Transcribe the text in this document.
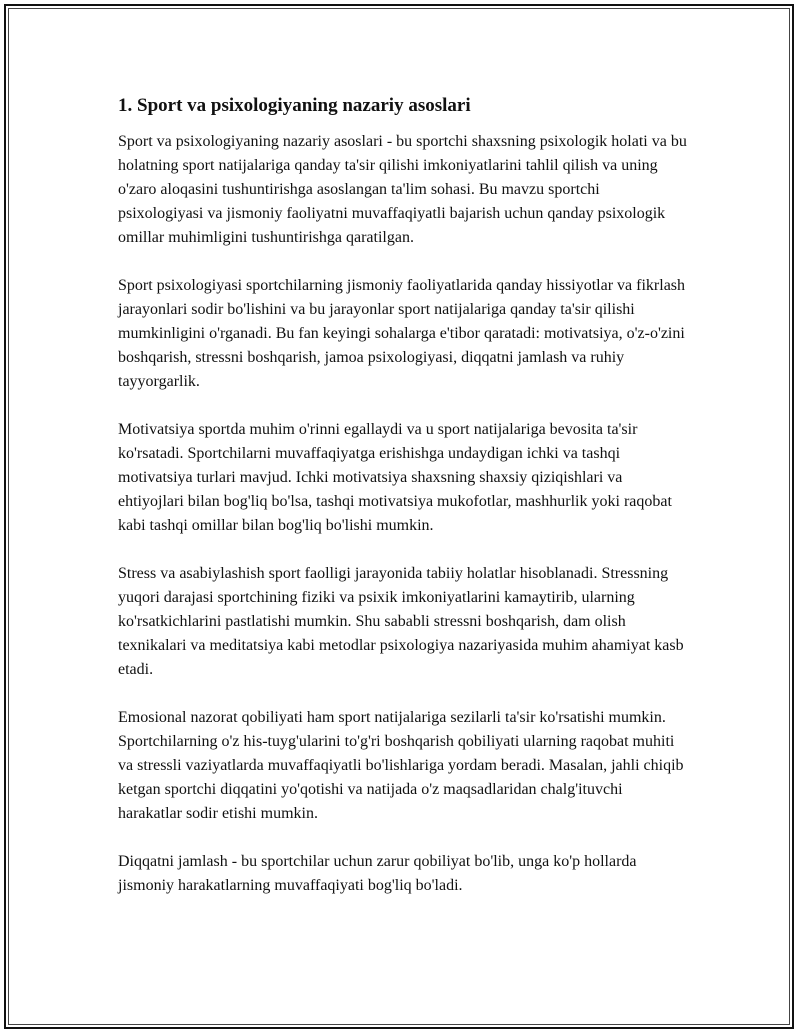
1. Sport va psixologiyaning nazariy asoslari

Sport va psixologiyaning nazariy asoslari - bu sportchi shaxsning psixologik holati va bu holatning sport natijalariga qanday ta'sir qilishi imkoniyatlarini tahlil qilish va uning o'zaro aloqasini tushuntirishga asoslangan ta'lim sohasi. Bu mavzu sportchi psixologiyasi va jismoniy faoliyatni muvaffaqiyatli bajarish uchun qanday psixologik omillar muhimligini tushuntirishga qaratilgan.

Sport psixologiyasi sportchilarning jismoniy faoliyatlarida qanday hissiyotlar va fikrlash jarayonlari sodir bo'lishini va bu jarayonlar sport natijalariga qanday ta'sir qilishi mumkinligini o'rganadi. Bu fan keyingi sohalarga e'tibor qaratadi: motivatsiya, o'z-o'zini boshqarish, stressni boshqarish, jamoa psixologiyasi, diqqatni jamlash va ruhiy tayyorgarlik.

Motivatsiya sportda muhim o'rinni egallaydi va u sport natijalariga bevosita ta'sir ko'rsatadi. Sportchilarni muvaffaqiyatga erishishga undaydigan ichki va tashqi motivatsiya turlari mavjud. Ichki motivatsiya shaxsning shaxsiy qiziqishlari va ehtiyojlari bilan bog'liq bo'lsa, tashqi motivatsiya mukofotlar, mashhurlik yoki raqobat kabi tashqi omillar bilan bog'liq bo'lishi mumkin.

Stress va asabiylashish sport faolligi jarayonida tabiiy holatlar hisoblanadi. Stressning yuqori darajasi sportchining fiziki va psixik imkoniyatlarini kamaytirib, ularning ko'rsatkichlarini pastlatishi mumkin. Shu sababli stressni boshqarish, dam olish texnikalari va meditatsiya kabi metodlar psixologiya nazariyasida muhim ahamiyat kasb etadi.

Emosional nazorat qobiliyati ham sport natijalariga sezilarli ta'sir ko'rsatishi mumkin. Sportchilarning o'z his-tuyg'ularini to'g'ri boshqarish qobiliyati ularning raqobat muhiti va stressli vaziyatlarda muvaffaqiyatli bo'lishlariga yordam beradi. Masalan, jahli chiqib ketgan sportchi diqqatini yo'qotishi va natijada o'z maqsadlaridan chalg'ituvchi harakatlar sodir etishi mumkin.

Diqqatni jamlash - bu sportchilar uchun zarur qobiliyat bo'lib, unga ko'p hollarda jismoniy harakatlarning muvaffaqiyati bog'liq bo'ladi.
